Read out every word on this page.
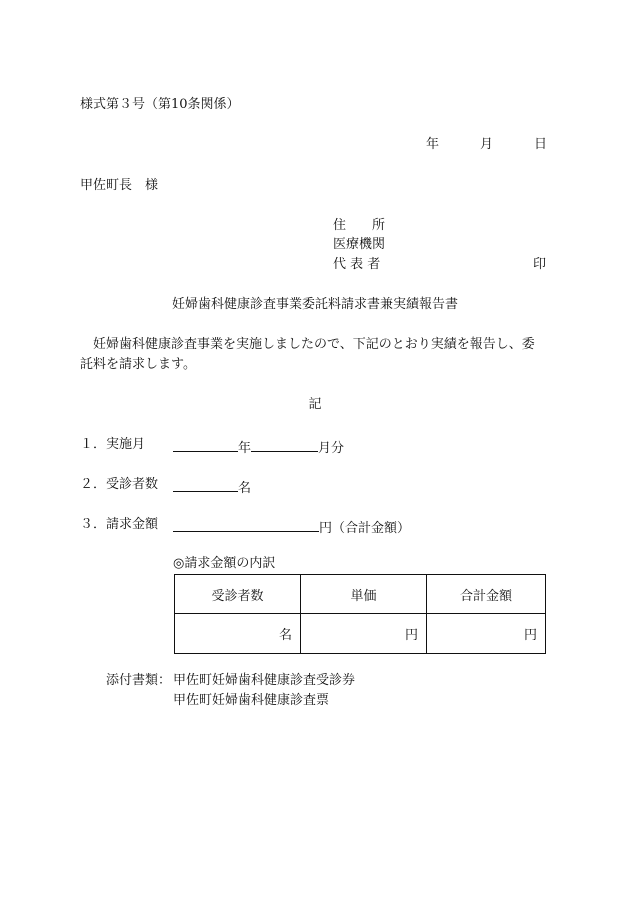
様式第３号（第10条関係）
年	月	日
甲佐町長　様
住　　所
医療機関
代 表 者	印
妊婦歯科健康診査事業委託料請求書兼実績報告書
妊婦歯科健康診査事業を実施しましたので、下記のとおり実績を報告し、委
託料を請求します。
記
１． 実施月	年	月分
２． 受診者数	名
３． 請求金額	円（合計金額）
◎請求金額の内訳
受診者数	単価	合計金額
名	円	円
添付書類： 甲佐町妊婦歯科健康診査受診券
甲佐町妊婦歯科健康診査票
